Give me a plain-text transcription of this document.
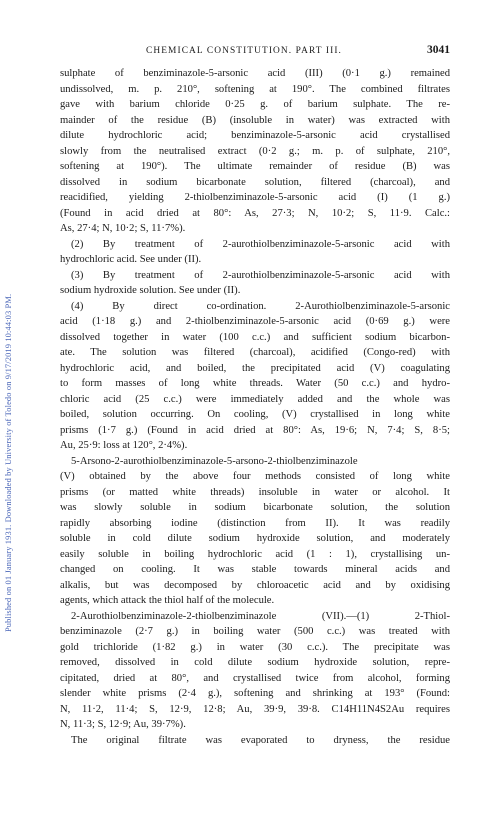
Published on 01 January 1931. Downloaded by University of Toledo on 9/17/2019 10:44:03 PM.
CHEMICAL CONSTITUTION. PART III.	3041
sulphate of benziminazole-5-arsonic acid (III) (0·1 g.) remained
undissolved, m. p. 210°, softening at 190°. The combined filtrates
gave with barium chloride 0·25 g. of barium sulphate. The re-
mainder of the residue (B) (insoluble in water) was extracted with
dilute hydrochloric acid; benziminazole-5-arsonic acid crystallised
slowly from the neutralised extract (0·2 g.; m. p. of sulphate, 210°,
softening at 190°). The ultimate remainder of residue (B) was
dissolved in sodium bicarbonate solution, filtered (charcoal), and
reacidified, yielding 2-thiolbenziminazole-5-arsonic acid (I) (1 g.)
(Found in acid dried at 80°: As, 27·3; N, 10·2; S, 11·9. Calc.:
As, 27·4; N, 10·2; S, 11·7%).
(2) By treatment of 2-aurothiolbenziminazole-5-arsonic acid with
hydrochloric acid. See under (II).
(3) By treatment of 2-aurothiolbenziminazole-5-arsonic acid with
sodium hydroxide solution. See under (II).
(4) By direct co-ordination. 2-Aurothiolbenziminazole-5-arsonic
acid (1·18 g.) and 2-thiolbenziminazole-5-arsonic acid (0·69 g.) were
dissolved together in water (100 c.c.) and sufficient sodium bicarbon-
ate. The solution was filtered (charcoal), acidified (Congo-red) with
hydrochloric acid, and boiled, the precipitated acid (V) coagulating
to form masses of long white threads. Water (50 c.c.) and hydro-
chloric acid (25 c.c.) were immediately added and the whole was
boiled, solution occurring. On cooling, (V) crystallised in long white
prisms (1·7 g.) (Found in acid dried at 80°: As, 19·6; N, 7·4; S, 8·5;
Au, 25·9: loss at 120°, 2·4%).
5-Arsono-2-aurothiolbenziminazole-5-arsono-2-thiolbenziminazole
(V) obtained by the above four methods consisted of long white
prisms (or matted white threads) insoluble in water or alcohol. It
was slowly soluble in sodium bicarbonate solution, the solution
rapidly absorbing iodine (distinction from II). It was readily
soluble in cold dilute sodium hydroxide solution, and moderately
easily soluble in boiling hydrochloric acid (1 : 1), crystallising un-
changed on cooling. It was stable towards mineral acids and
alkalis, but was decomposed by chloroacetic acid and by oxidising
agents, which attack the thiol half of the molecule.
2-Aurothiolbenziminazole-2-thiolbenziminazole (VII).—(1) 2-Thiol-
benziminazole (2·7 g.) in boiling water (500 c.c.) was treated with
gold trichloride (1·82 g.) in water (30 c.c.). The precipitate was
removed, dissolved in cold dilute sodium hydroxide solution, repre-
cipitated, dried at 80°, and crystallised twice from alcohol, forming
slender white prisms (2·4 g.), softening and shrinking at 193° (Found:
N, 11·2, 11·4; S, 12·9, 12·8; Au, 39·9, 39·8. C14H11N4S2Au requires
N, 11·3; S, 12·9; Au, 39·7%).
The original filtrate was evaporated to dryness, the residue
